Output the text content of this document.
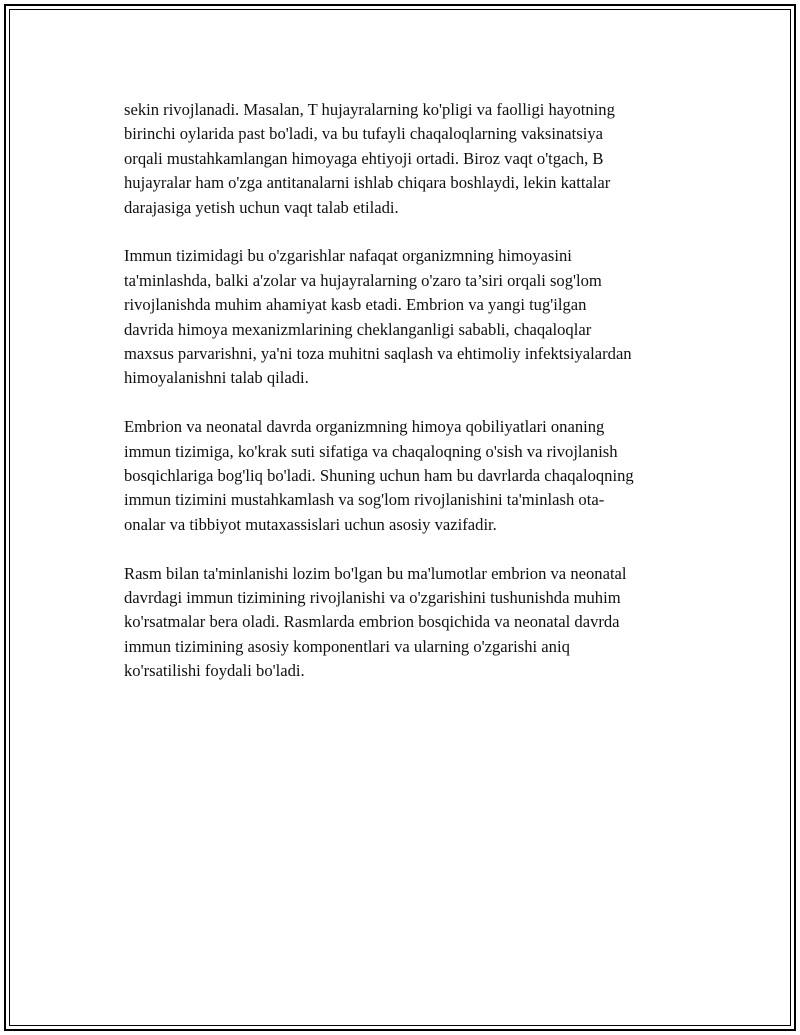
sekin rivojlanadi. Masalan, T hujayralarning ko'pligi va faolligi hayotning
birinchi oylarida past bo'ladi, va bu tufayli chaqaloqlarning vaksinatsiya
orqali mustahkamlangan himoyaga ehtiyoji ortadi. Biroz vaqt o'tgach, B
hujayralar ham o'zga antitanalarni ishlab chiqara boshlaydi, lekin kattalar
darajasiga yetish uchun vaqt talab etiladi.

Immun tizimidagi bu o'zgarishlar nafaqat organizmning himoyasini
ta'minlashda, balki a'zolar va hujayralarning o'zaro ta’siri orqali sog'lom
rivojlanishda muhim ahamiyat kasb etadi. Embrion va yangi tug'ilgan
davrida himoya mexanizmlarining cheklanganligi sababli, chaqaloqlar
maxsus parvarishni, ya'ni toza muhitni saqlash va ehtimoliy infektsiyalardan
himoyalanishni talab qiladi.

Embrion va neonatal davrda organizmning himoya qobiliyatlari onaning
immun tizimiga, ko'krak suti sifatiga va chaqaloqning o'sish va rivojlanish
bosqichlariga bog'liq bo'ladi. Shuning uchun ham bu davrlarda chaqaloqning
immun tizimini mustahkamlash va sog'lom rivojlanishini ta'minlash ota-
onalar va tibbiyot mutaxassislari uchun asosiy vazifadir.

Rasm bilan ta'minlanishi lozim bo'lgan bu ma'lumotlar embrion va neonatal
davrdagi immun tizimining rivojlanishi va o'zgarishini tushunishda muhim
ko'rsatmalar bera oladi. Rasmlarda embrion bosqichida va neonatal davrda
immun tizimining asosiy komponentlari va ularning o'zgarishi aniq
ko'rsatilishi foydali bo'ladi.
